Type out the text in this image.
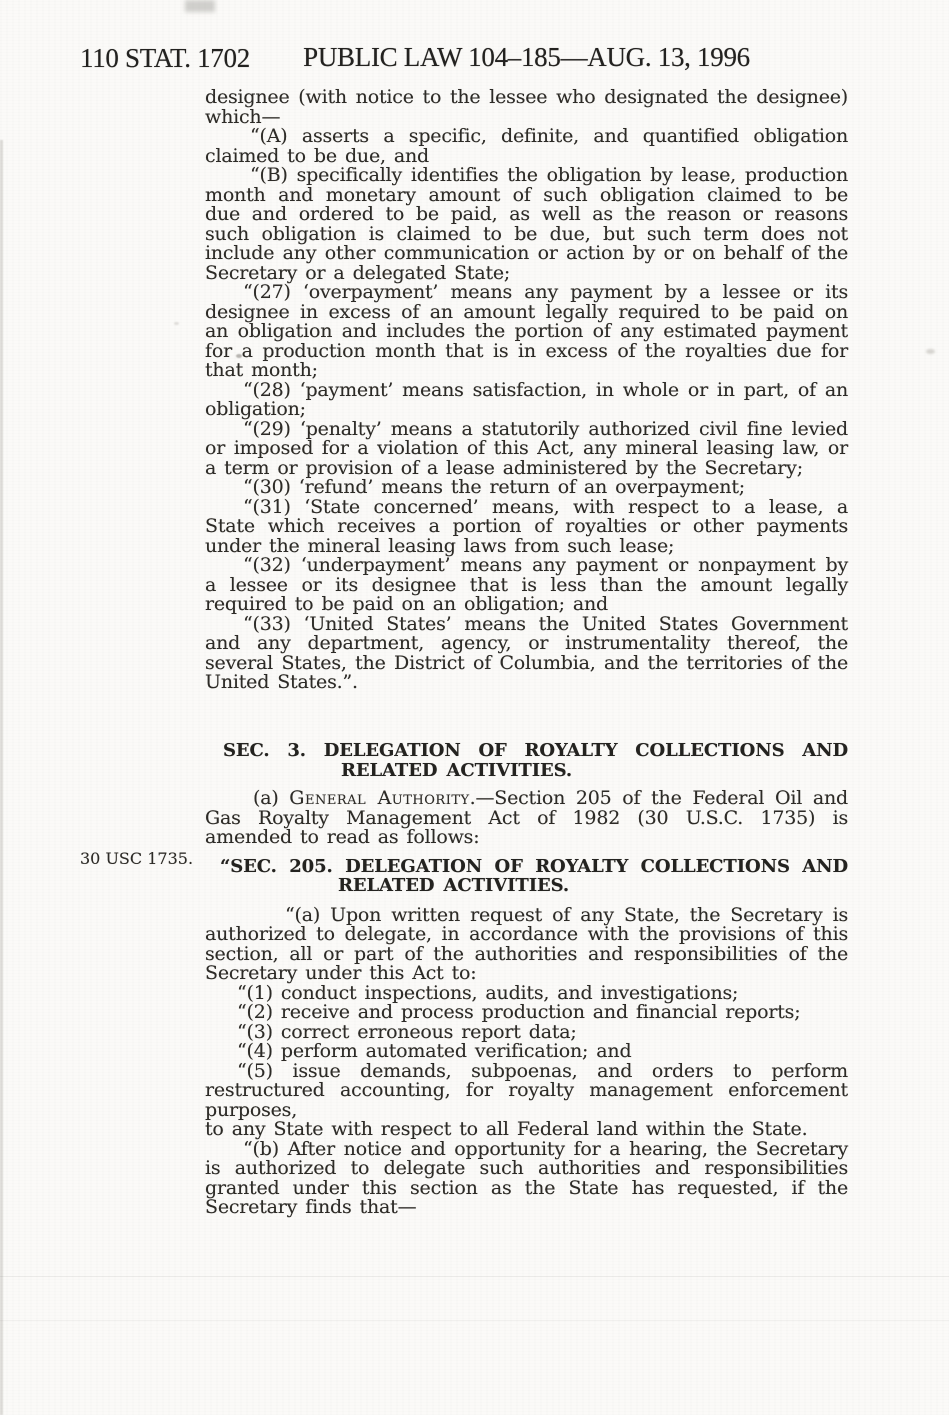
110 STAT. 1702	PUBLIC LAW 104–185—AUG. 13, 1996
30 USC 1735.

designee (with notice to the lessee who designated the designee) which—

“(A) asserts a specific, definite, and quantified obligation claimed to be due, and

“(B) specifically identifies the obligation by lease, production month and monetary amount of such obligation claimed to be due and ordered to be paid, as well as the reason or reasons such obligation is claimed to be due, but such term does not include any other communication or action by or on behalf of the Secretary or a delegated State;

“(27) ‘overpayment’ means any payment by a lessee or its designee in excess of an amount legally required to be paid on an obligation and includes the portion of any estimated payment for a production month that is in excess of the royalties due for that month;

“(28) ‘payment’ means satisfaction, in whole or in part, of an obligation;

“(29) ‘penalty’ means a statutorily authorized civil fine levied or imposed for a violation of this Act, any mineral leasing law, or a term or provision of a lease administered by the Secretary;

“(30) ‘refund’ means the return of an overpayment;

“(31) ‘State concerned’ means, with respect to a lease, a State which receives a portion of royalties or other payments under the mineral leasing laws from such lease;

“(32) ‘underpayment’ means any payment or nonpayment by a lessee or its designee that is less than the amount legally required to be paid on an obligation; and

“(33) ‘United States’ means the United States Government and any department, agency, or instrumentality thereof, the several States, the District of Columbia, and the territories of the United States.”.

SEC. 3. DELEGATION OF ROYALTY COLLECTIONS AND RELATED ACTIVITIES.

(a) General Authority.—Section 205 of the Federal Oil and Gas Royalty Management Act of 1982 (30 U.S.C. 1735) is amended to read as follows:

“SEC. 205. DELEGATION OF ROYALTY COLLECTIONS AND RELATED ACTIVITIES.

“(a) Upon written request of any State, the Secretary is authorized to delegate, in accordance with the provisions of this section, all or part of the authorities and responsibilities of the Secretary under this Act to:

“(1) conduct inspections, audits, and investigations;

“(2) receive and process production and financial reports;

“(3) correct erroneous report data;

“(4) perform automated verification; and

“(5) issue demands, subpoenas, and orders to perform restructured accounting, for royalty management enforcement purposes,

to any State with respect to all Federal land within the State.

“(b) After notice and opportunity for a hearing, the Secretary is authorized to delegate such authorities and responsibilities granted under this section as the State has requested, if the Secretary finds that—
